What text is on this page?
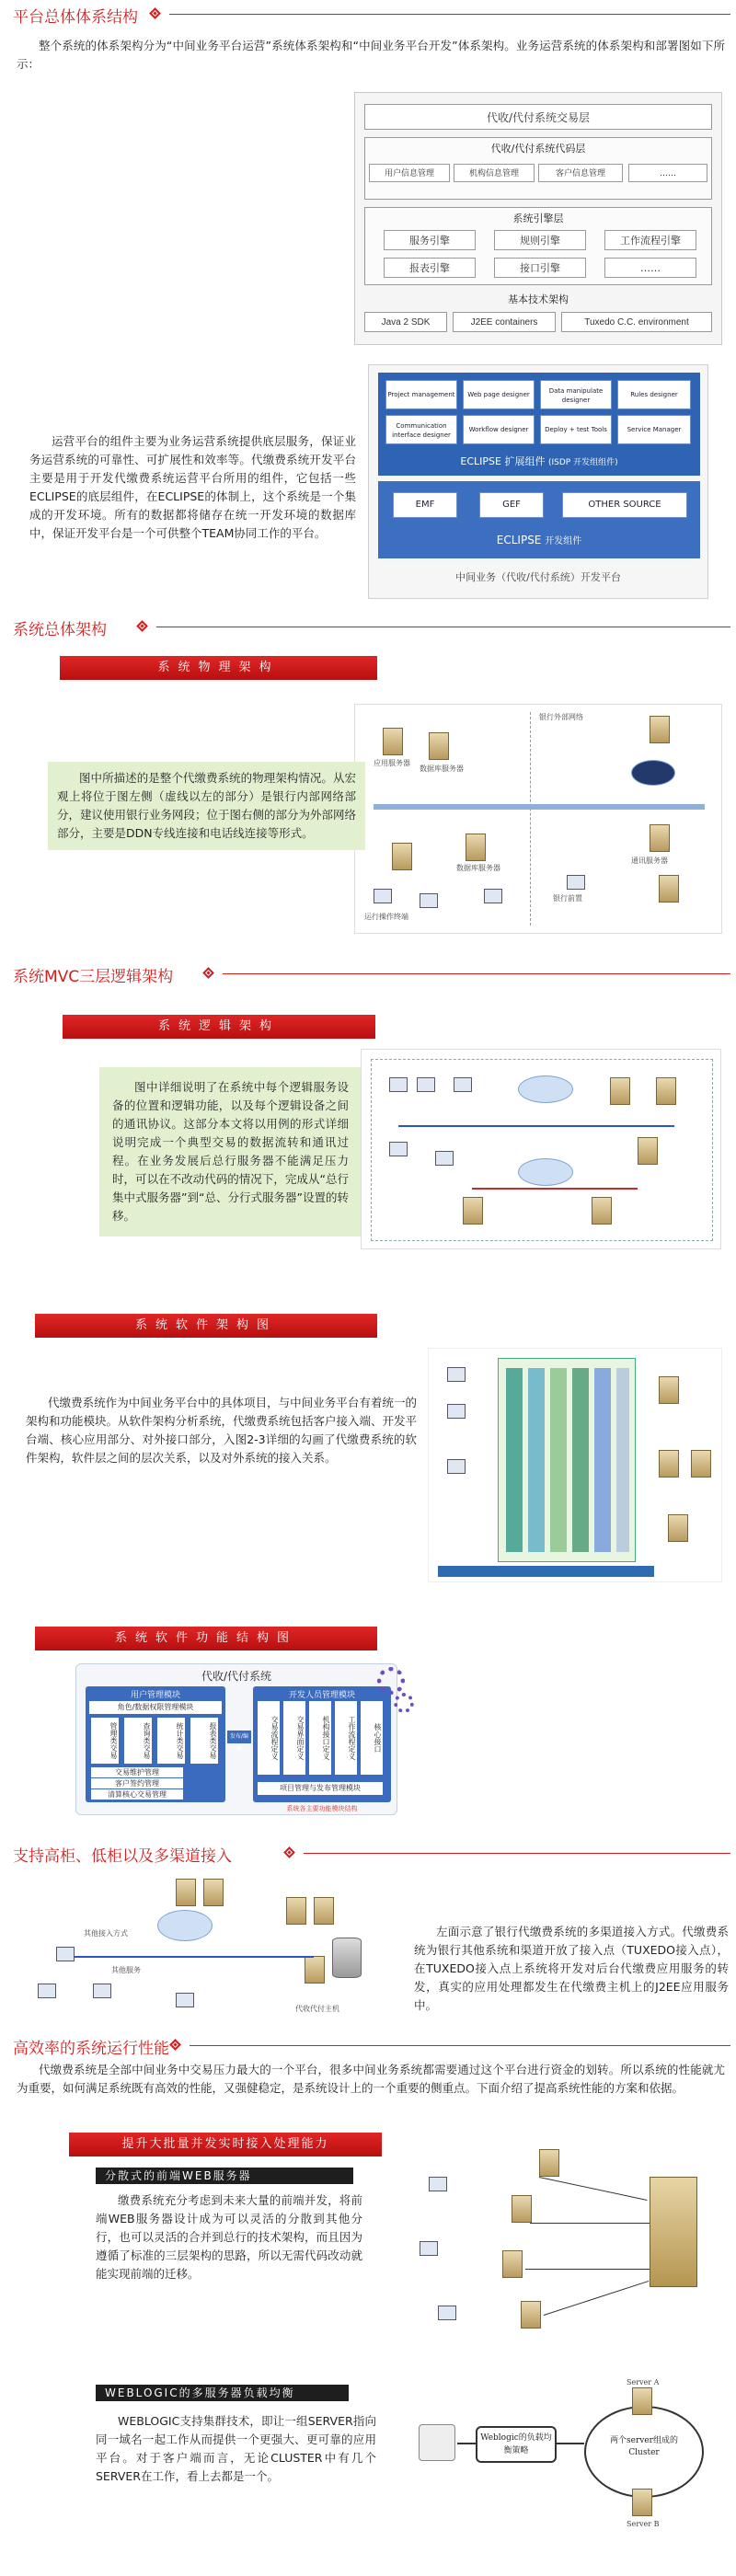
平台总体体系结构
整个系统的体系架构分为“中间业务平台运营”系统体系架构和“中间业务平台开发”体系架构。业务运营系统的体系架构和部署图如下所示：
代收/代付系统交易层
代收/代付系统代码层
用户信息管理	机构信息管理	客户信息管理	……
系统引擎层
服务引擎	规则引擎	工作流程引擎
报表引擎	接口引擎	……
基本技术架构
Java 2 SDK	J2EE containers	Tuxedo C.C. environment
Project management	Web page designer	Data manipulate designer
Rules designer
Communication interface designer
Workflow designer	Deploy + test Tools	Service Manager
ECLIPSE 扩展组件 (ISDP 开发组组件)
EMF	GEF	OTHER SOURCE
ECLIPSE 开发组件
中间业务（代收/代付系统）开发平台
运营平台的组件主要为业务运营系统提供底层服务，保证业务运营系统的可靠性、可扩展性和效率等。代缴费系统开发平台主要是用于开发代缴费系统运营平台所用的组件，它包括一些ECLIPSE的底层组件，在ECLIPSE的体制上，这个系统是一个集成的开发环境。所有的数据都将储存在统一开发环境的数据库中，保证开发平台是一个可供整个TEAM协同工作的平台。
系统总体架构
系统物理架构
银行外部网络
运行操作终端
应用服务器
数据库服务器
数据库服务器
通讯服务器
银行前置
图中所描述的是整个代缴费系统的物理架构情况。从宏观上将位于图左侧（虚线以左的部分）是银行内部网络部分，建议使用银行业务网段；位于图右侧的部分为外部网络部分，主要是DDN专线连接和电话线连接等形式。
系统MVC三层逻辑架构
系统逻辑架构
图中详细说明了在系统中每个逻辑服务设备的位置和逻辑功能，以及每个逻辑设备之间的通讯协议。这部分本文将以用例的形式详细说明完成一个典型交易的数据流转和通讯过程。在业务发展后总行服务器不能满足压力时，可以在不改动代码的情况下，完成从“总行集中式服务器”到“总、分行式服务器”设置的转移。
系统软件架构图
代缴费系统作为中间业务平台中的具体项目，与中间业务平台有着统一的架构和功能模块。从软件架构分析系统，代缴费系统包括客户接入端、开发平台端、核心应用部分、对外接口部分，入图2-3详细的勾画了代缴费系统的软件架构，软件层之间的层次关系，以及对外系统的接入关系。
系统软件功能结构图
代收/代付系统
用户管理模块
角色/数据权限管理模块
管理类交易	查询类交易	统计类交易	报表类交易
交易维护管理
客户签约管理
清算核心交易管理
发布/编辑
开发人员管理模块
交易流程定义	交易界面定义	机构接口定义	工作流程定义	核心接口
项目管理与发布管理模块
系统各主要功能模块结构
支持高柜、低柜以及多渠道接入
代收代付主机
其他接入方式
其他服务
左面示意了银行代缴费系统的多渠道接入方式。代缴费系统为银行其他系统和渠道开放了接入点（TUXEDO接入点），在TUXEDO接入点上系统将开发对后台代缴费应用服务的转发，真实的应用处理都发生在代缴费主机上的J2EE应用服务中。
高效率的系统运行性能
代缴费系统是全部中间业务中交易压力最大的一个平台，很多中间业务系统都需要通过这个平台进行资金的划转。所以系统的性能就尤为重要，如何满足系统既有高效的性能，又强健稳定，是系统设计上的一个重要的侧重点。下面介绍了提高系统性能的方案和依据。
提升大批量并发实时接入处理能力
分散式的前端WEB服务器
缴费系统充分考虑到未来大量的前端并发，将前端WEB服务器设计成为可以灵活的分散到其他分行，也可以灵活的合并到总行的技术架构，而且因为遵循了标准的三层架构的思路，所以无需代码改动就能实现前端的迁移。
WEBLOGIC的多服务器负载均衡
WEBLOGIC支持集群技术，即让一组SERVER指向同一域名一起工作从而提供一个更强大、更可靠的应用平台。对于客户端而言，无论CLUSTER中有几个SERVER在工作，看上去都是一个。
Weblogic的负载均衡策略
Server A
两个server组成的Cluster
Server B
